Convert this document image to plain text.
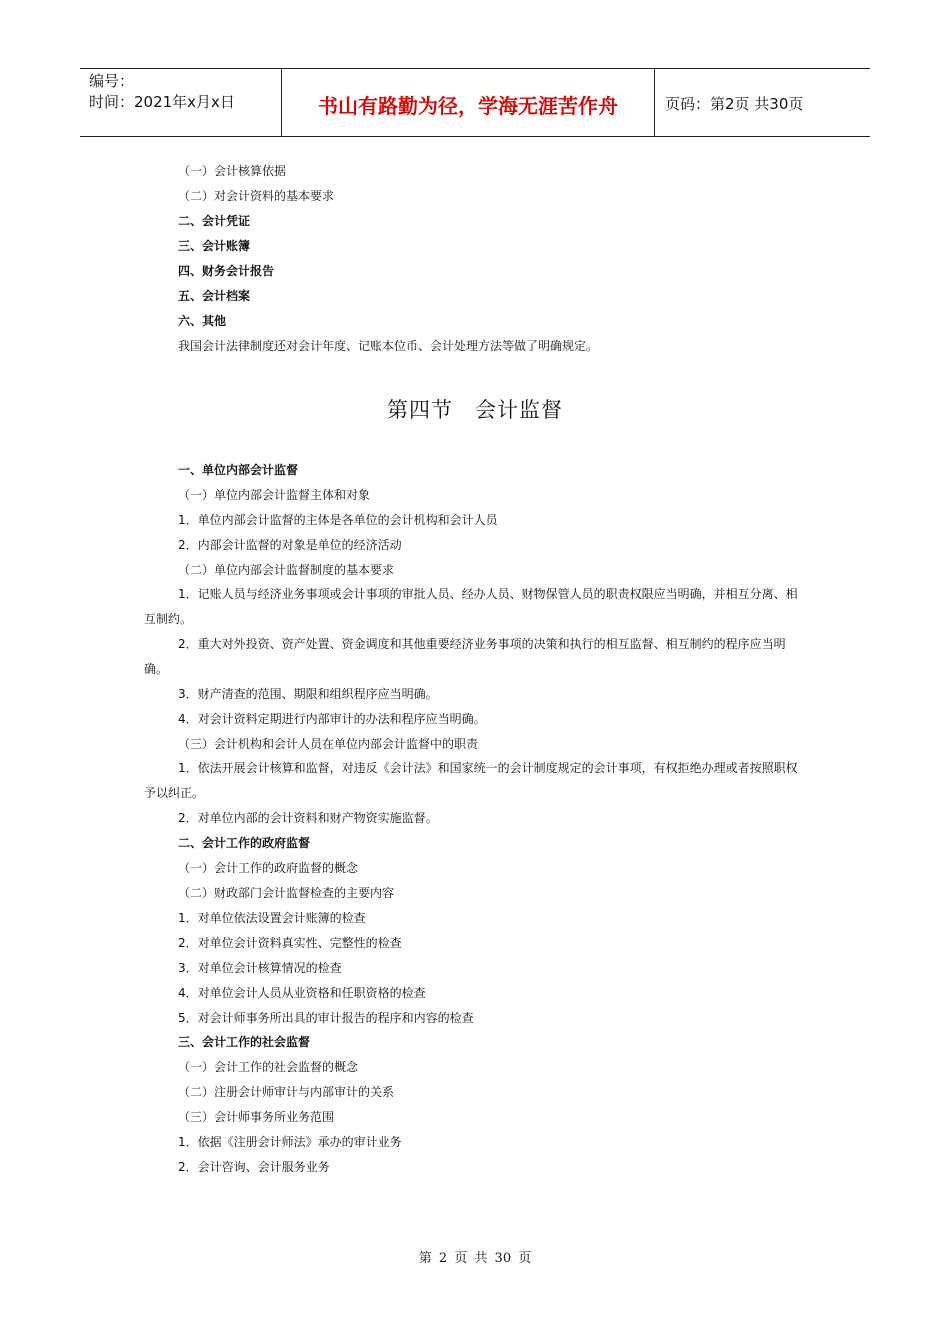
编号：
时间：2021年x月x日	书山有路勤为径，学海无涯苦作舟	页码：第2页 共30页
（一）会计核算依据
（二）对会计资料的基本要求
二、会计凭证
三、会计账簿
四、财务会计报告
五、会计档案
六、其他
我国会计法律制度还对会计年度、记账本位币、会计处理方法等做了明确规定。
第四节　会计监督
一、单位内部会计监督
（一）单位内部会计监督主体和对象
1．单位内部会计监督的主体是各单位的会计机构和会计人员
2．内部会计监督的对象是单位的经济活动
（二）单位内部会计监督制度的基本要求
1．记账人员与经济业务事项或会计事项的审批人员、经办人员、财物保管人员的职责权限应当明确，并相互分离、相互制约。
2．重大对外投资、资产处置、资金调度和其他重要经济业务事项的决策和执行的相互监督、相互制约的程序应当明确。
3．财产清查的范围、期限和组织程序应当明确。
4．对会计资料定期进行内部审计的办法和程序应当明确。
（三）会计机构和会计人员在单位内部会计监督中的职责
1．依法开展会计核算和监督，对违反《会计法》和国家统一的会计制度规定的会计事项，有权拒绝办理或者按照职权予以纠正。
2．对单位内部的会计资料和财产物资实施监督。
二、会计工作的政府监督
（一）会计工作的政府监督的概念
（二）财政部门会计监督检查的主要内容
1．对单位依法设置会计账簿的检查
2．对单位会计资料真实性、完整性的检查
3．对单位会计核算情况的检查
4．对单位会计人员从业资格和任职资格的检查
5．对会计师事务所出具的审计报告的程序和内容的检查
三、会计工作的社会监督
（一）会计工作的社会监督的概念
（二）注册会计师审计与内部审计的关系
（三）会计师事务所业务范围
1．依据《注册会计师法》承办的审计业务
2．会计咨询、会计服务业务
第 2 页 共 30 页
